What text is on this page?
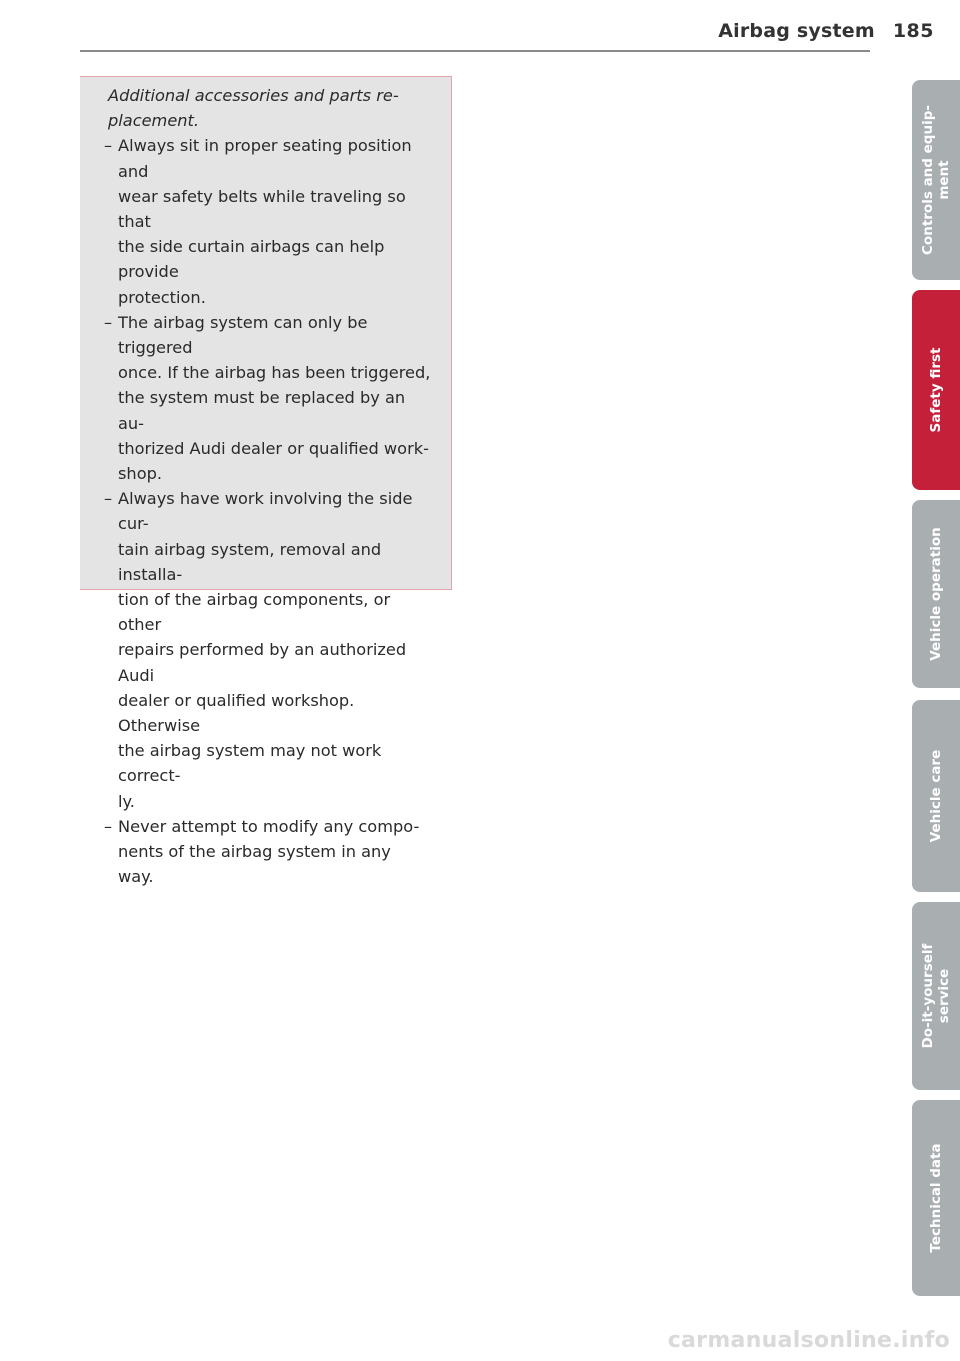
Airbag system 185

Additional accessories and parts re-
placement.

– Always sit in proper seating position and
wear safety belts while traveling so that
the side curtain airbags can help provide
protection.
– The airbag system can only be triggered
once. If the airbag has been triggered,
the system must be replaced by an au-
thorized Audi dealer or qualified work-
shop.
– Always have work involving the side cur-
tain airbag system, removal and installa-
tion of the airbag components, or other
repairs performed by an authorized Audi
dealer or qualified workshop. Otherwise
the airbag system may not work correct-
ly.
– Never attempt to modify any compo-
nents of the airbag system in any way.
Controls and equip- ment
Safety first
Vehicle operation
Vehicle care
Do-it-yourself service
Technical data
carmanualsonline.info
